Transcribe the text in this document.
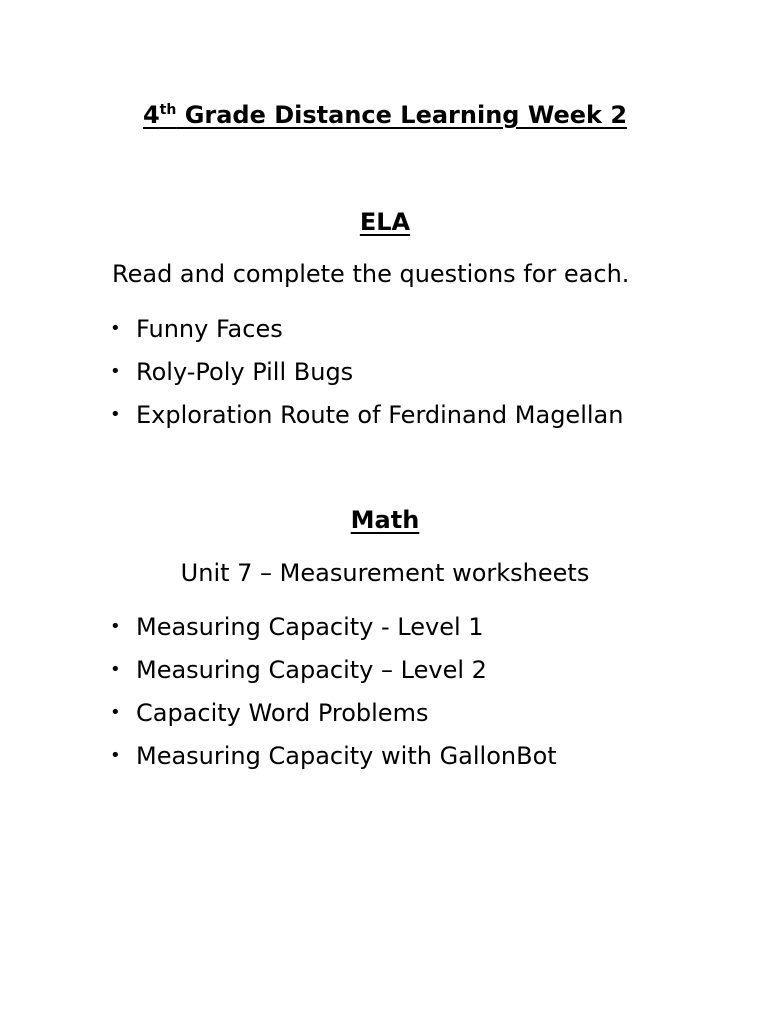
4th Grade Distance Learning Week 2
ELA
Read and complete the questions for each.
• Funny Faces
• Roly-Poly Pill Bugs
• Exploration Route of Ferdinand Magellan
Math
Unit 7 – Measurement worksheets
• Measuring Capacity - Level 1
• Measuring Capacity – Level 2
• Capacity Word Problems
• Measuring Capacity with GallonBot
